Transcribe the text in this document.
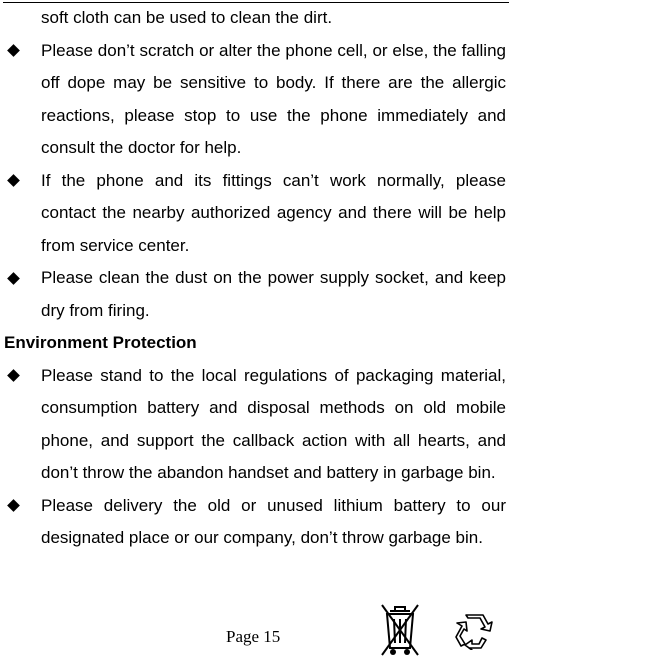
soft cloth can be used to clean the dirt.
Please don’t scratch or alter the phone cell, or else, the falling off dope may be sensitive to body. If there are the allergic reactions, please stop to use the phone immediately and consult the doctor for help.
If the phone and its fittings can’t work normally, please contact the nearby authorized agency and there will be help from service center.
Please clean the dust on the power supply socket, and keep dry from firing.
Environment Protection
Please stand to the local regulations of packaging material, consumption battery and disposal methods on old mobile phone, and support the callback action with all hearts, and don’t throw the abandon handset and battery in garbage bin.
Please delivery the old or unused lithium battery to our designated place or our company, don’t throw garbage bin.
Page 15
